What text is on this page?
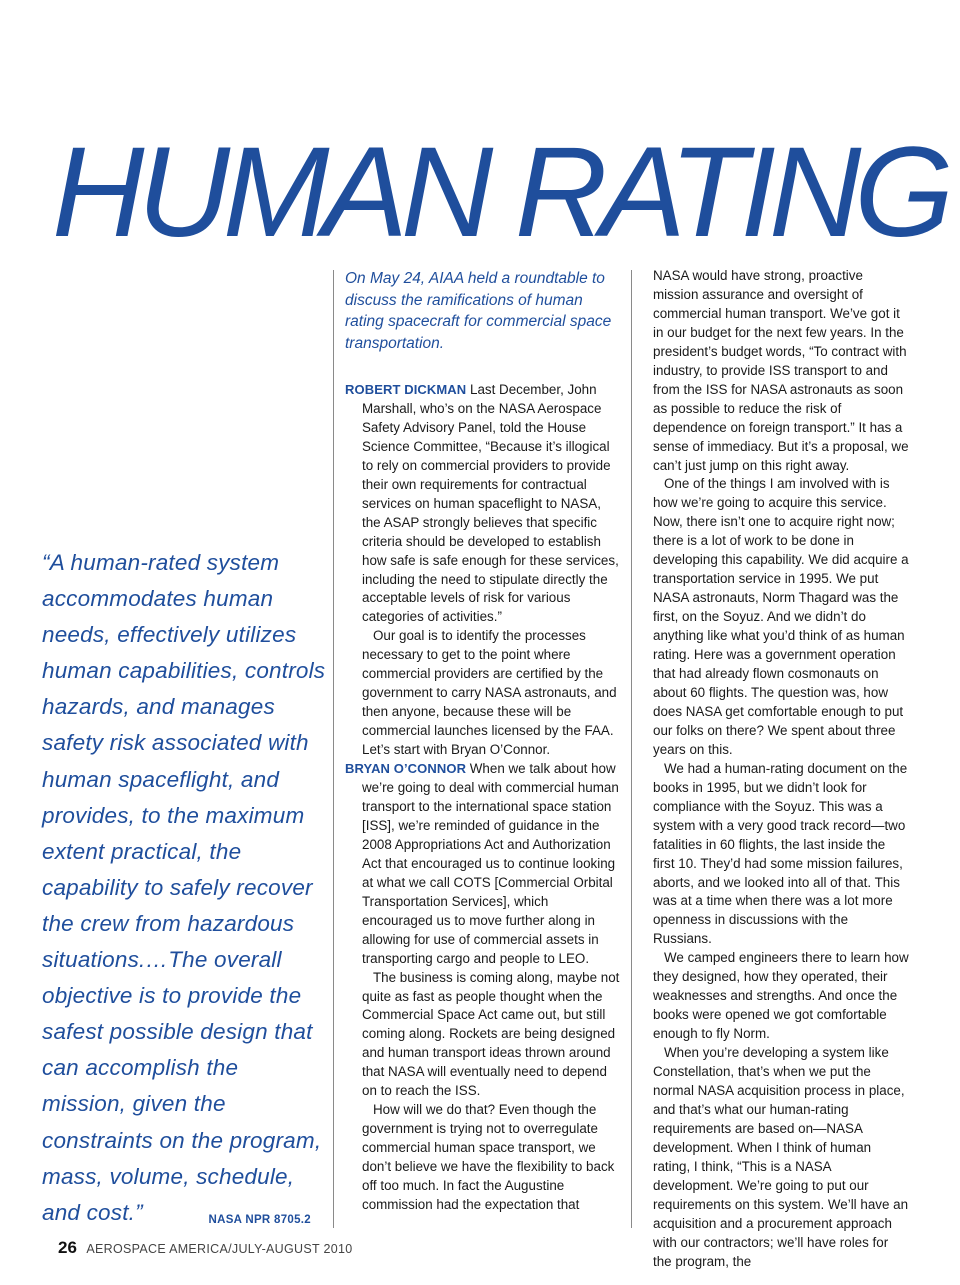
HUMAN RATING

“A human-rated system accommodates human needs, effectively utilizes human capabilities, controls hazards, and manages safety risk associated with human spaceflight, and provides, to the maximum extent practical, the capability to safely recover the crew from hazardous situations.…The overall objective is to provide the safest possible design that can accomplish the mission, given the constraints on the program, mass, volume, schedule, and cost.”	NASA NPR 8705.2

On May 24, AIAA held a roundtable to discuss the ramifications of human rating spacecraft for commercial space transportation.

ROBERT DICKMAN Last December, John Marshall, who’s on the NASA Aerospace Safety Advisory Panel, told the House Science Committee, “Because it’s illogical to rely on commercial providers to provide their own requirements for contractual services on human spaceflight to NASA, the ASAP strongly believes that specific criteria should be developed to establish how safe is safe enough for these services, including the need to stipulate directly the acceptable levels of risk for various categories of activities.”

Our goal is to identify the processes necessary to get to the point where commercial providers are certified by the government to carry NASA astronauts, and then anyone, because these will be commercial launches licensed by the FAA. Let’s start with Bryan O’Connor.

BRYAN O’CONNOR When we talk about how we’re going to deal with commercial human transport to the international space station [ISS], we’re reminded of guidance in the 2008 Appropriations Act and Authorization Act that encouraged us to continue looking at what we call COTS [Commercial Orbital Transportation Services], which encouraged us to move further along in allowing for use of commercial assets in transporting cargo and people to LEO.

The business is coming along, maybe not quite as fast as people thought when the Commercial Space Act came out, but still coming along. Rockets are being designed and human transport ideas thrown around that NASA will eventually need to depend on to reach the ISS.

How will we do that? Even though the government is trying not to overregulate commercial human space transport, we don’t believe we have the flexibility to back off too much. In fact the Augustine commission had the expectation that

NASA would have strong, proactive mission assurance and oversight of commercial human transport. We’ve got it in our budget for the next few years. In the president’s budget words, “To contract with industry, to provide ISS transport to and from the ISS for NASA astronauts as soon as possible to reduce the risk of dependence on foreign transport.” It has a sense of immediacy. But it’s a proposal, we can’t just jump on this right away.

One of the things I am involved with is how we’re going to acquire this service. Now, there isn’t one to acquire right now; there is a lot of work to be done in developing this capability. We did acquire a transportation service in 1995. We put NASA astronauts, Norm Thagard was the first, on the Soyuz. And we didn’t do anything like what you’d think of as human rating. Here was a government operation that had already flown cosmonauts on about 60 flights. The question was, how does NASA get comfortable enough to put our folks on there? We spent about three years on this.

We had a human-rating document on the books in 1995, but we didn’t look for compliance with the Soyuz. This was a system with a very good track record—two fatalities in 60 flights, the last inside the first 10. They’d had some mission failures, aborts, and we looked into all of that. This was at a time when there was a lot more openness in discussions with the Russians.

We camped engineers there to learn how they designed, how they operated, their weaknesses and strengths. And once the books were opened we got comfortable enough to fly Norm.

When you’re developing a system like Constellation, that’s when we put the normal NASA acquisition process in place, and that’s what our human-rating requirements are based on—NASA development. When I think of human rating, I think, “This is a NASA development. We’re going to put our requirements on this system. We’ll have an acquisition and a procurement approach with our contractors; we’ll have roles for the program, the

26 AEROSPACE AMERICA/JULY-AUGUST 2010
